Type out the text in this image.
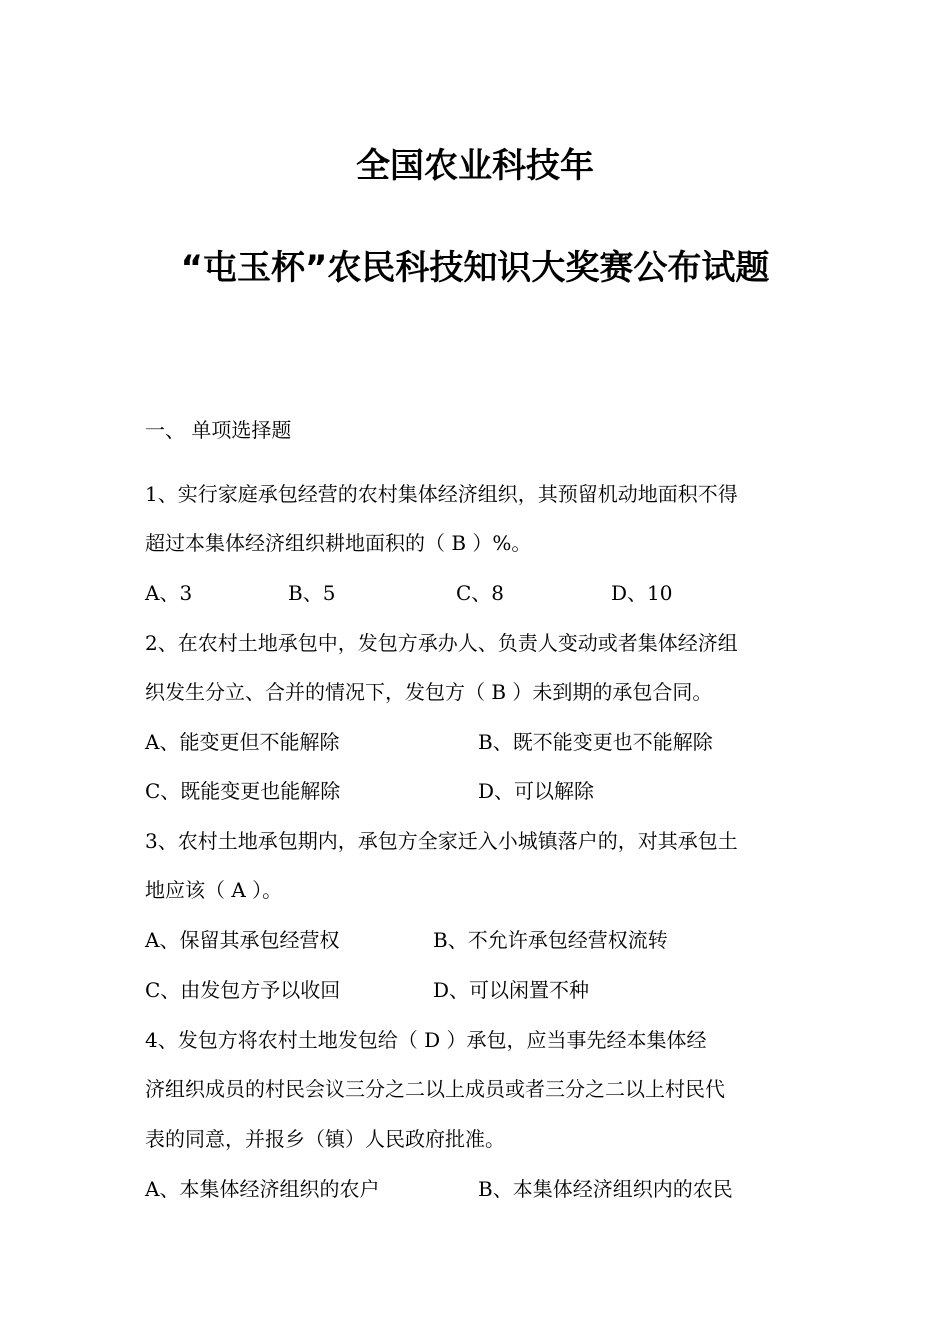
全国农业科技年
“屯玉杯”农民科技知识大奖赛公布试题
一、 单项选择题
1、实行家庭承包经营的农村集体经济组织，其预留机动地面积不得
超过本集体经济组织耕地面积的（ B ）%。
A、3	B、5	C、8	D、10
2、在农村土地承包中，发包方承办人、负责人变动或者集体经济组
织发生分立、合并的情况下，发包方（ B ）未到期的承包合同。
A、能变更但不能解除	B、既不能变更也不能解除
C、既能变更也能解除	D、可以解除
3、农村土地承包期内，承包方全家迁入小城镇落户的，对其承包土
地应该（ A ）。
A、保留其承包经营权	B、不允许承包经营权流转
C、由发包方予以收回	D、可以闲置不种
4、发包方将农村土地发包给（ D ）承包，应当事先经本集体经
济组织成员的村民会议三分之二以上成员或者三分之二以上村民代
表的同意，并报乡（镇）人民政府批准。
A、本集体经济组织的农户	B、本集体经济组织内的农民
